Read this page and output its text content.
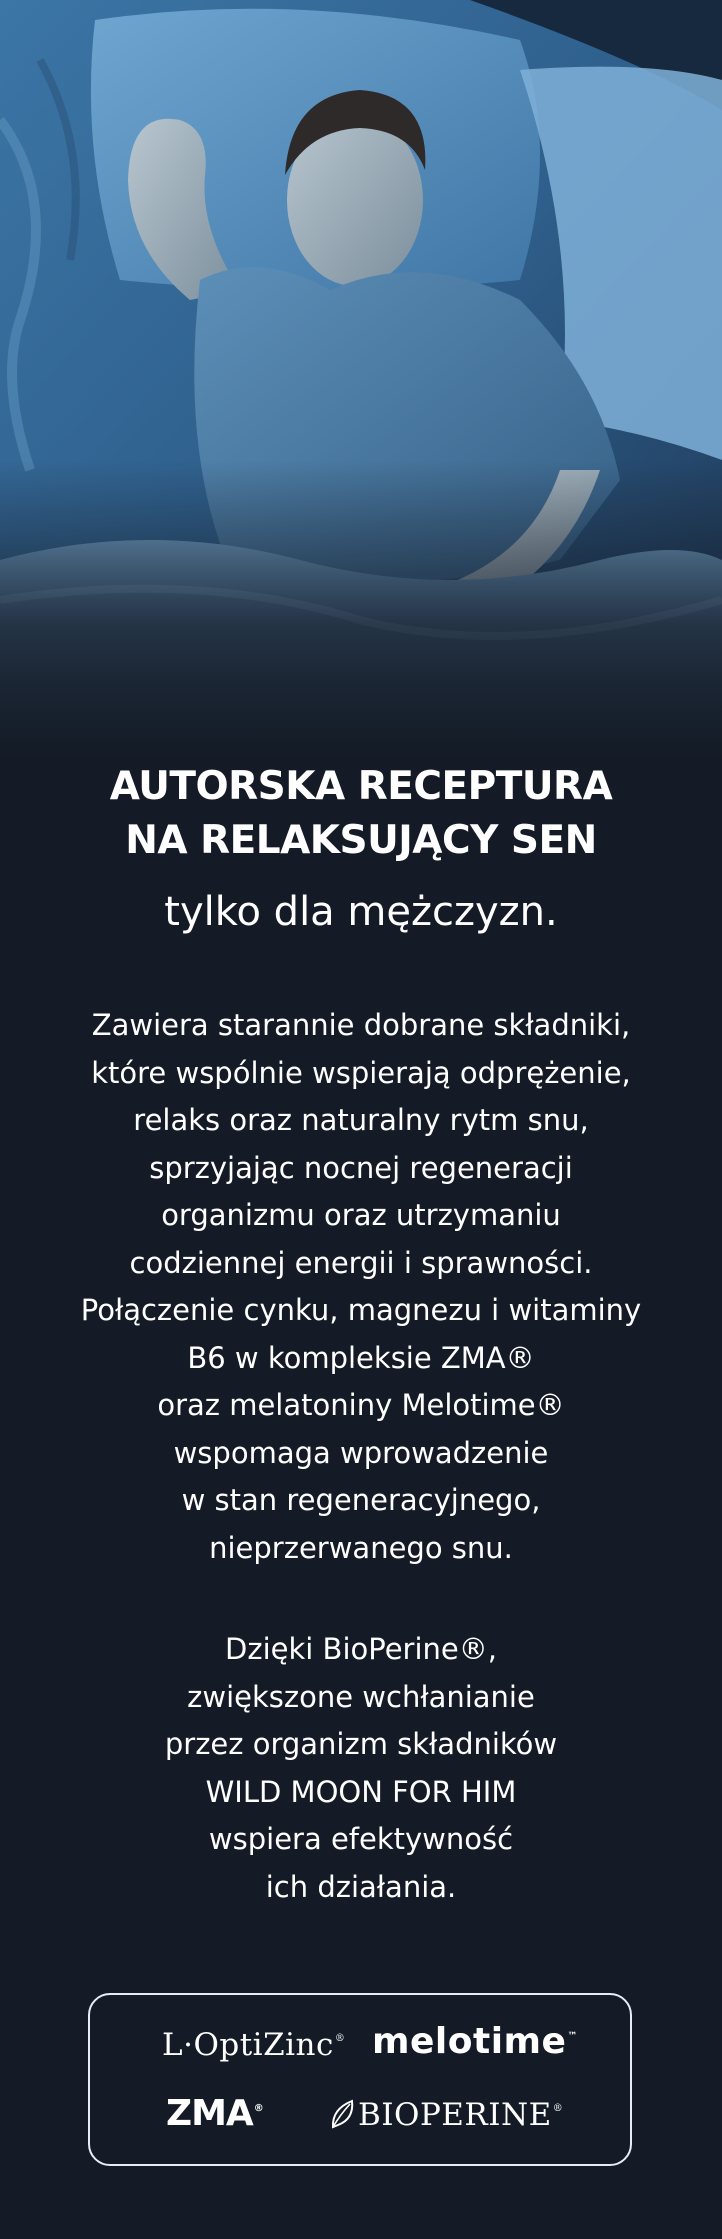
AUTORSKA RECEPTURA
NA RELAKSUJĄCY SEN
tylko dla mężczyzn.
Zawiera starannie dobrane składniki,
które wspólnie wspierają odprężenie,
relaks oraz naturalny rytm snu,
sprzyjając nocnej regeneracji
organizmu oraz utrzymaniu
codziennej energii i sprawności.
Połączenie cynku, magnezu i witaminy
B6 w kompleksie ZMA®
oraz melatoniny Melotime®
wspomaga wprowadzenie
w stan regeneracyjnego,
nieprzerwanego snu.
Dzięki BioPerine®,
zwiększone wchłanianie
przez organizm składników
WILD MOON FOR HIM
wspiera efektywność
ich działania.
L·OptiZinc® melotime™
ZMA®	BIOPERINE®
